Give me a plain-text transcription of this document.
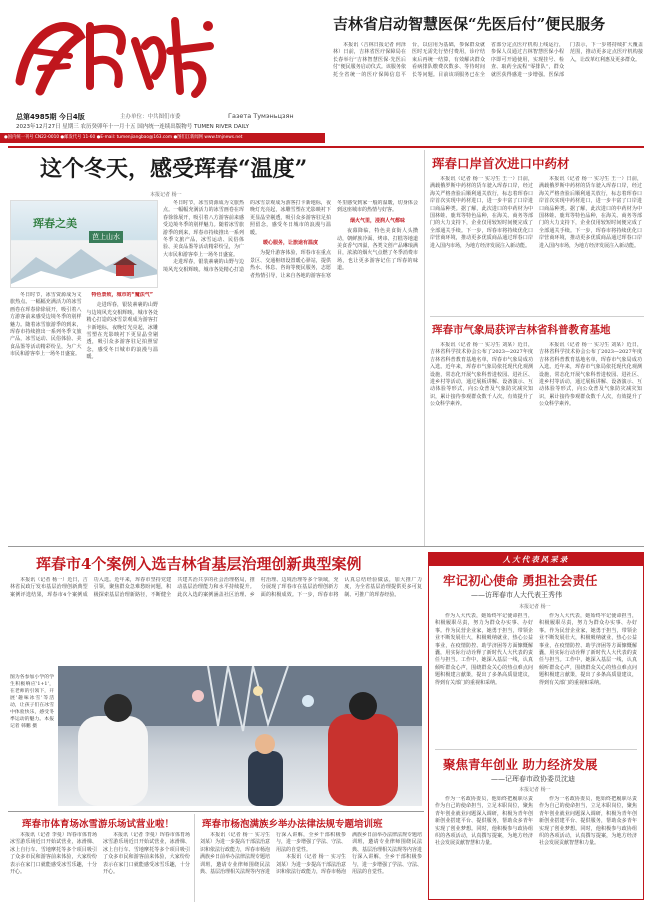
Газета Тумэньцзян
总第4985期 今日4版	主办单位：中共图们市委
2023年12月27日 星期三 农历癸卯年十一月十五 国内统一连续出版物号 TUMEN RIVER DAILY
●国内统一刊号 CN22-0010 ●邮发代号 11-60 ●E-mail: tumenjiangbao@163.com ●图们江新闻网 www.tmjnews.net
吉林省启动智慧医保“先医后付”便民服务

本报讯（吉林日报记者 何泽林）日前，吉林省医疗保障局在长春举行“吉林智慧医保·先医后付”便民服务启动仪式。该服务依托全省统一的医疗保障信息平台，以信用为基础，参保群众就医时无需先行垫付费用，诊疗结束后再统一结算，有效解决群众看病排队缴费次数多、等待时间长等问题。目前该项服务已在全省部分定点医疗机构上线运行，参保人员通过吉林智慧医保小程序即可开通使用，实现挂号、检查、取药全流程“零排队”，群众就医获得感进一步增强。医保部门表示，下一步将持续扩大覆盖范围，推动更多定点医疗机构接入，让改革红利惠及更多群众。

这个冬天，感受珲春“温度”
本报记者 杨一
珲春之美
芭上山水

冬日时节，冰雪资源成为文旅热点。一幅幅充满活力的冰雪画卷在珲春徐徐展开，吸引着八方游客前来感受边境冬季的别样魅力。随着冰雪旅游季的到来，珲春市持续推出一系列冬季文旅产品，冰雪运动、民俗体验、美食品鉴等活动精彩纷呈，为广大市民和游客奉上一场冬日盛宴。

特色景致，城市的“魔法气”

走进珲春，银装素裹的山野与边境风光交相辉映。城市各处精心打造的冰雪景观成为游客打卡新地标，夜晚灯光亮起，冰雕雪塑在光影映衬下更显晶莹剔透，吸引众多游客驻足拍照留念，感受冬日城市的浪漫与温暖。

冬日时节，冰雪资源成为文旅热点。一幅幅充满活力的冰雪画卷在珲春徐徐展开，吸引着八方游客前来感受边境冬季的别样魅力。随着冰雪旅游季的到来，珲春市持续推出一系列冬季文旅产品，冰雪运动、民俗体验、美食品鉴等活动精彩纷呈，为广大市民和游客奉上一场冬日盛宴。

走进珲春，银装素裹的山野与边境风光交相辉映。城市各处精心打造的冰雪景观成为游客打卡新地标，夜晚灯光亮起，冰雕雪塑在光影映衬下更显晶莹剔透，吸引众多游客驻足拍照留念，感受冬日城市的浪漫与温暖。

暖心服务，让旅途有温度

为提升游客体验，珲春市在重点景区、交通枢纽设置暖心驿站，提供热水、休息、咨询等便民服务，志愿者热情引导，让来自各地的游客在寒冬里感受到家一般的温暖，切身体会到这座城市的热情与好客。

烟火气里，浸润人气都味

夜幕降临，特色美食街人头攒动，朝鲜族冷面、烤串、打糕等地道美食香气四溢，各类文创产品琳琅满目，浓浓的烟火气点燃了冬季消费市场，也让更多游客记住了珲春的味道。

珲春口岸首次进口中药材

本报讯（记者 杨一 实习生 王一）日前，满载俄罗斯中药材的货车驶入珲春口岸，经过海关严格查验后顺利通关放行，标志着珲春口岸首次实现中药材进口，进一步丰富了口岸进口商品种类。据了解，此次进口的中药材为中国林蛙、鹿茸等特色品种，在海关、商务等部门的大力支持下，企业仅用较短时间便完成了全部通关手续。下一步，珲春市将持续优化口岸营商环境，推动更多优质商品通过珲春口岸进入国内市场，为地方经济发展注入新动能。

本报讯（记者 杨一 实习生 王一）日前，满载俄罗斯中药材的货车驶入珲春口岸，经过海关严格查验后顺利通关放行，标志着珲春口岸首次实现中药材进口，进一步丰富了口岸进口商品种类。据了解，此次进口的中药材为中国林蛙、鹿茸等特色品种，在海关、商务等部门的大力支持下，企业仅用较短时间便完成了全部通关手续。下一步，珲春市将持续优化口岸营商环境，推动更多优质商品通过珲春口岸进入国内市场，为地方经济发展注入新动能。

珲春市气象局获评吉林省科普教育基地

本报讯（记者 杨一 实习生 刘某）近日，吉林省科学技术协会公布了2023—2027年度吉林省科普教育基地名单，珲春市气象局成功入选。近年来，珲春市气象局依托现代化观测设施，常态化开展气象科普进校园、进社区、进乡村等活动，通过展板讲解、设备演示、互动体验等形式，向公众普及气象防灾减灾知识，累计接待参观群众数千人次，有效提升了公众科学素养。

本报讯（记者 杨一 实习生 刘某）近日，吉林省科学技术协会公布了2023—2027年度吉林省科普教育基地名单，珲春市气象局成功入选。近年来，珲春市气象局依托现代化观测设施，常态化开展气象科普进校园、进社区、进乡村等活动，通过展板讲解、设备演示、互动体验等形式，向公众普及气象防灾减灾知识，累计接待参观群众数千人次，有效提升了公众科学素养。

珲春市4个案例入选吉林省基层治理创新典型案例

本报讯（记者 杨一）近日，吉林省民政厅发布基层治理创新典型案例评选结果，珲春市4个案例成功入选。近年来，珲春市坚持党建引领，聚焦群众急难愁盼问题，积极探索基层治理新路径，不断健全共建共治共享的社会治理格局，推动基层治理能力和水平持续提升。此次入选的案例涵盖社区治理、乡村治理、边境治理等多个领域，充分展现了珲春市在基层治理创新方面的积极成效。下一步，珲春市将认真总结经验做法，加大推广力度，为全省基层治理提供更多可复制、可推广的珲春经验。

图为各参加小学的学生积极响应'1+1'，在老师的引领下，开展'趣味冰雪'等活动，让孩子们在冰雪中体验快乐，感受冬季运动的魅力。本报记者 韩鹏 摄

珲春市体育场冰雪游乐场试营业啦！

本报讯（记者 李曼）珲春市体育场冰雪游乐场近日开始试营业，冰滑梯、冰上自行车、雪地摩托等多个项目吸引了众多市民和游客前来体验，大家纷纷表示在家门口就能感受冰雪乐趣，十分开心。

本报讯（记者 李曼）珲春市体育场冰雪游乐场近日开始试营业，冰滑梯、冰上自行车、雪地摩托等多个项目吸引了众多市民和游客前来体验，大家纷纷表示在家门口就能感受冰雪乐趣，十分开心。

珲春市杨泡满族乡举办法律法规专题培训班

本报讯（记者 杨一 实习生 刘某）为进一步提高干部法治意识和依法行政能力，珲春市杨泡满族乡日前举办法律法规专题培训班，邀请专业律师围绕民法典、基层治理相关法规等内容进行深入讲解，全乡干部积极参与，进一步增强了学法、守法、用法的自觉性。

本报讯（记者 杨一 实习生 刘某）为进一步提高干部法治意识和依法行政能力，珲春市杨泡满族乡日前举办法律法规专题培训班，邀请专业律师围绕民法典、基层治理相关法规等内容进行深入讲解，全乡干部积极参与，进一步增强了学法、守法、用法的自觉性。

人大代表风采录
牢记初心使命 勇担社会责任
——访珲春市人大代表王秀伟
本报记者 杨一

作为人大代表，她始终牢记使命担当，积极履职尽责，努力为群众办实事、办好事。作为民营企业家，她勇于担当，带领企业不断发展壮大，积极吸纳就业，热心公益事业，在疫情防控、助学济困等方面慷慨解囊，用实际行动诠释了新时代人大代表的责任与担当。工作中，她深入基层一线，认真倾听群众心声，围绕群众关心的热点难点问题积极建言献策，提出了多条高质量建议，得到有关部门的重视和采纳。

作为人大代表，她始终牢记使命担当，积极履职尽责，努力为群众办实事、办好事。作为民营企业家，她勇于担当，带领企业不断发展壮大，积极吸纳就业，热心公益事业，在疫情防控、助学济困等方面慷慨解囊，用实际行动诠释了新时代人大代表的责任与担当。工作中，她深入基层一线，认真倾听群众心声，围绕群众关心的热点难点问题积极建言献策，提出了多条高质量建议，得到有关部门的重视和采纳。

聚焦青年创业 助力经济发展
——记珲春市政协委员沈迪
本报记者 杨一

作为一名政协委员，他始终把履职尽责作为自己的使命担当，立足本职岗位，聚焦青年创业就业问题深入调研，积极为青年创新创业搭建平台、提供服务，帮助众多青年实现了创业梦想。同时，他积极参与政协组织的各项活动，认真撰写提案，为地方经济社会发展贡献智慧和力量。

作为一名政协委员，他始终把履职尽责作为自己的使命担当，立足本职岗位，聚焦青年创业就业问题深入调研，积极为青年创新创业搭建平台、提供服务，帮助众多青年实现了创业梦想。同时，他积极参与政协组织的各项活动，认真撰写提案，为地方经济社会发展贡献智慧和力量。
